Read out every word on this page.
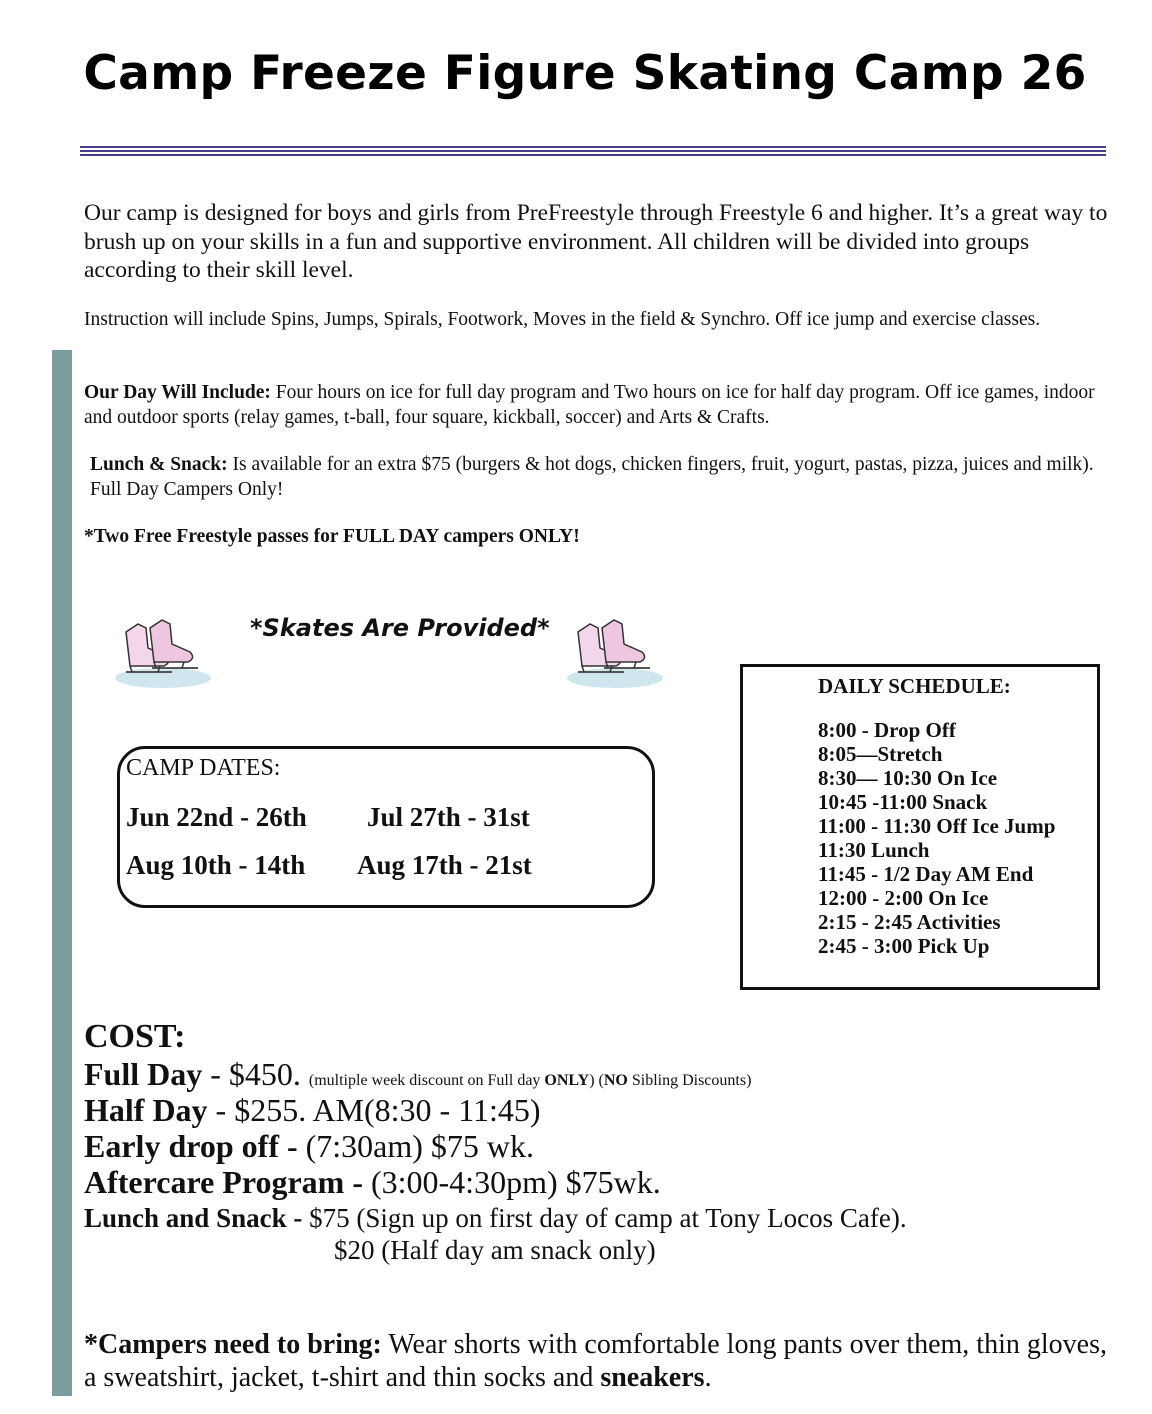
Camp Freeze Figure Skating Camp 26
Our camp is designed for boys and girls from PreFreestyle through Freestyle 6 and higher. It’s a great way to brush up on your skills in a fun and supportive environment. All children will be divided into groups according to their skill level.
Instruction will include Spins, Jumps, Spirals, Footwork, Moves in the field & Synchro. Off ice jump and exercise classes.
Our Day Will Include: Four hours on ice for full day program and Two hours on ice for half day program. Off ice games, indoor and outdoor sports (relay games, t-ball, four square, kickball, soccer) and Arts & Crafts.
Lunch & Snack: Is available for an extra $75 (burgers & hot dogs, chicken fingers, fruit, yogurt, pastas, pizza, juices and milk). Full Day Campers Only!
*Two Free Freestyle passes for FULL DAY campers ONLY!
*Skates Are Provided*
CAMP DATES:
Jun 22nd - 26th Jul 27th - 31st
Aug 10th - 14th Aug 17th - 21st
DAILY SCHEDULE:
8:00 - Drop Off
8:05—Stretch
8:30— 10:30 On Ice
10:45 -11:00 Snack
11:00 - 11:30 Off Ice Jump
11:30 Lunch
11:45 - 1/2 Day AM End
12:00 - 2:00 On Ice
2:15 - 2:45 Activities
2:45 - 3:00 Pick Up
COST:
Full Day - $450. (multiple week discount on Full day ONLY) (NO Sibling Discounts)
Half Day - $255. AM(8:30 - 11:45)
Early drop off - (7:30am) $75 wk.
Aftercare Program - (3:00-4:30pm) $75wk.
Lunch and Snack - $75 (Sign up on first day of camp at Tony Locos Cafe).
$20 (Half day am snack only)
*Campers need to bring: Wear shorts with comfortable long pants over them, thin gloves, a sweatshirt, jacket, t-shirt and thin socks and sneakers.
